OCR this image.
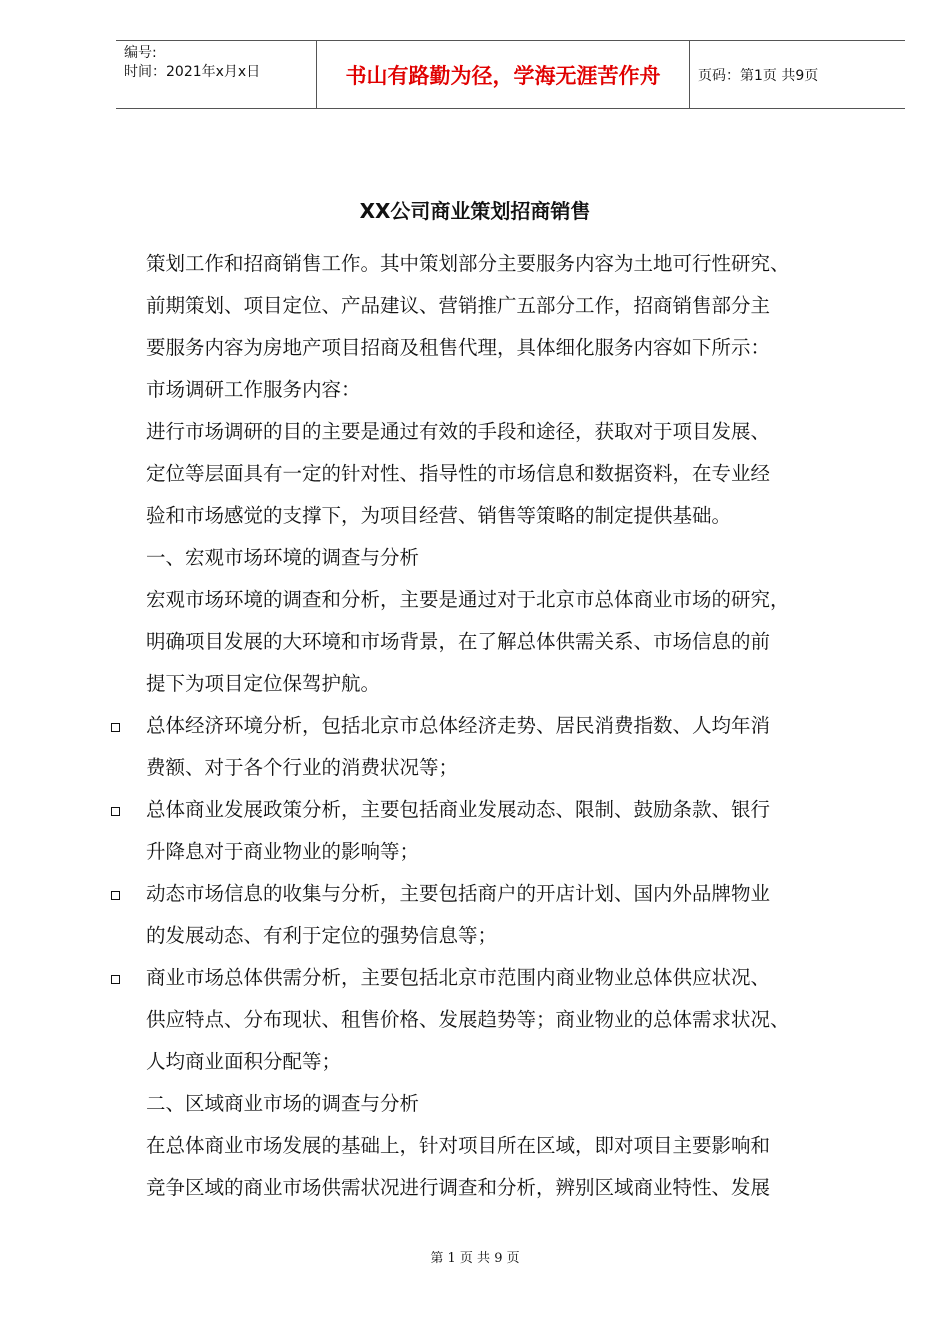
编号:
时间：2021年x月x日	书山有路勤为径，学海无涯苦作舟	页码：第1页 共9页
XX公司商业策划招商销售
策划工作和招商销售工作。其中策划部分主要服务内容为土地可行性研究、
前期策划、项目定位、产品建议、营销推广五部分工作，招商销售部分主
要服务内容为房地产项目招商及租售代理，具体细化服务内容如下所示：
市场调研工作服务内容：
进行市场调研的目的主要是通过有效的手段和途径，获取对于项目发展、
定位等层面具有一定的针对性、指导性的市场信息和数据资料，在专业经
验和市场感觉的支撑下，为项目经营、销售等策略的制定提供基础。
一、宏观市场环境的调查与分析
宏观市场环境的调查和分析，主要是通过对于北京市总体商业市场的研究，
明确项目发展的大环境和市场背景，在了解总体供需关系、市场信息的前
提下为项目定位保驾护航。
总体经济环境分析，包括北京市总体经济走势、居民消费指数、人均年消
费额、对于各个行业的消费状况等；
总体商业发展政策分析，主要包括商业发展动态、限制、鼓励条款、银行
升降息对于商业物业的影响等；
动态市场信息的收集与分析，主要包括商户的开店计划、国内外品牌物业
的发展动态、有利于定位的强势信息等；
商业市场总体供需分析，主要包括北京市范围内商业物业总体供应状况、
供应特点、分布现状、租售价格、发展趋势等；商业物业的总体需求状况、
人均商业面积分配等；
二、区域商业市场的调查与分析
在总体商业市场发展的基础上，针对项目所在区域，即对项目主要影响和
竞争区域的商业市场供需状况进行调查和分析，辨别区域商业特性、发展
第 1 页 共 9 页
